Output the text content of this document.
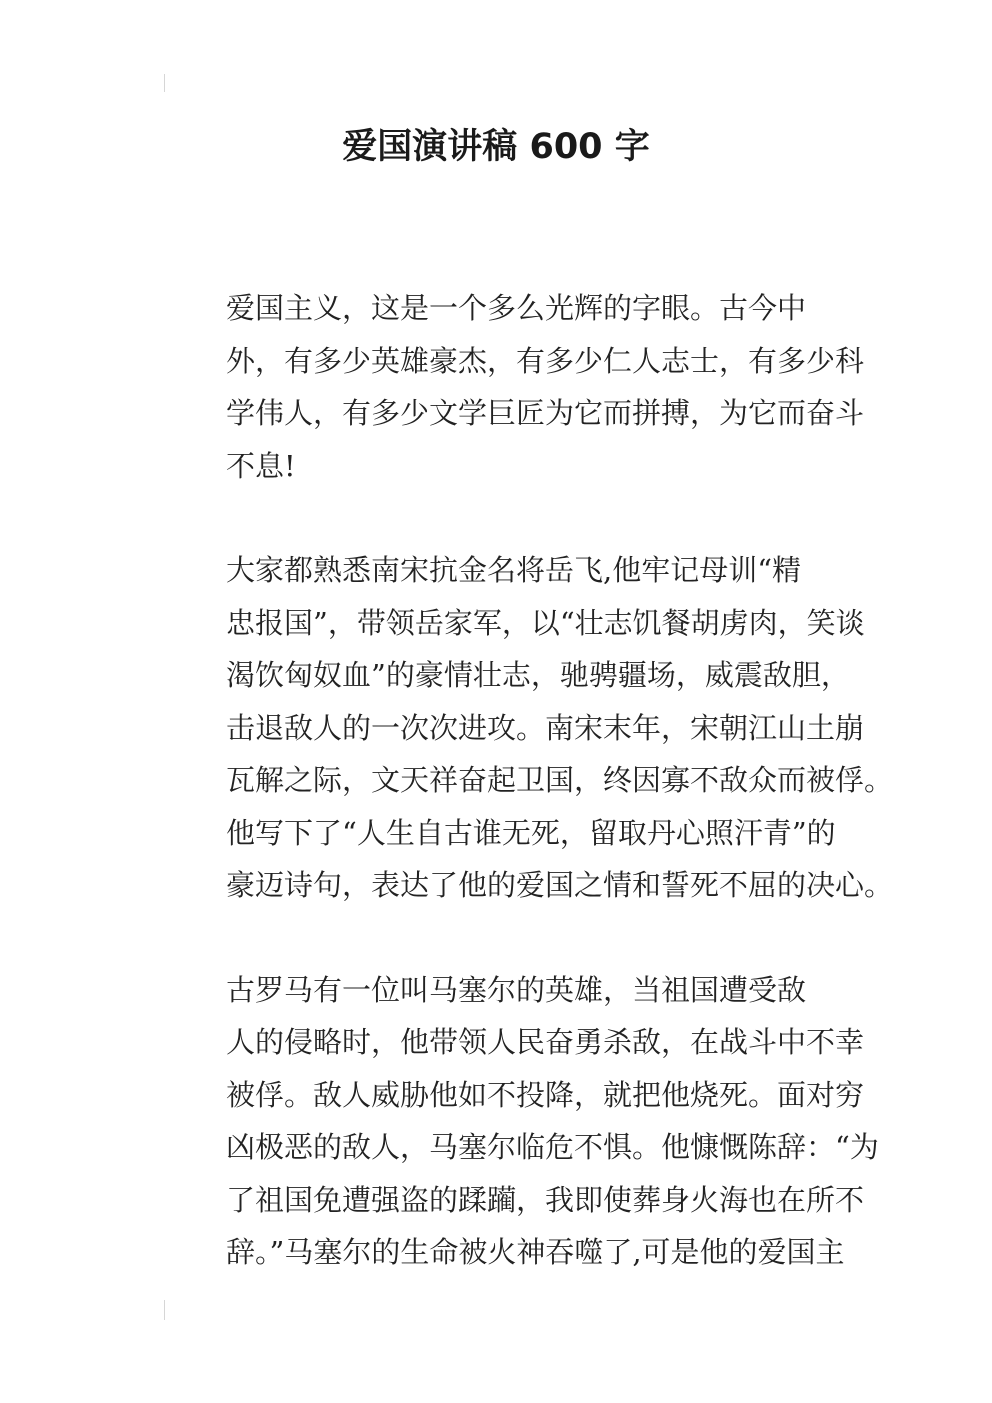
爱国演讲稿 600 字

爱国主义，这是一个多么光辉的字眼。古今中
外，有多少英雄豪杰，有多少仁人志士，有多少科
学伟人，有多少文学巨匠为它而拼搏，为它而奋斗
不息!

大家都熟悉南宋抗金名将岳飞,他牢记母训“精
忠报国”，带领岳家军，以“壮志饥餐胡虏肉，笑谈
渴饮匈奴血”的豪情壮志，驰骋疆场，威震敌胆，
击退敌人的一次次进攻。南宋末年，宋朝江山土崩
瓦解之际，文天祥奋起卫国，终因寡不敌众而被俘。
他写下了“人生自古谁无死，留取丹心照汗青”的
豪迈诗句，表达了他的爱国之情和誓死不屈的决心。

古罗马有一位叫马塞尔的英雄，当祖国遭受敌
人的侵略时，他带领人民奋勇杀敌，在战斗中不幸
被俘。敌人威胁他如不投降，就把他烧死。面对穷
凶极恶的敌人，马塞尔临危不惧。他慷慨陈辞：“为
了祖国免遭强盗的蹂躏，我即使葬身火海也在所不
辞。”马塞尔的生命被火神吞噬了,可是他的爱国主
